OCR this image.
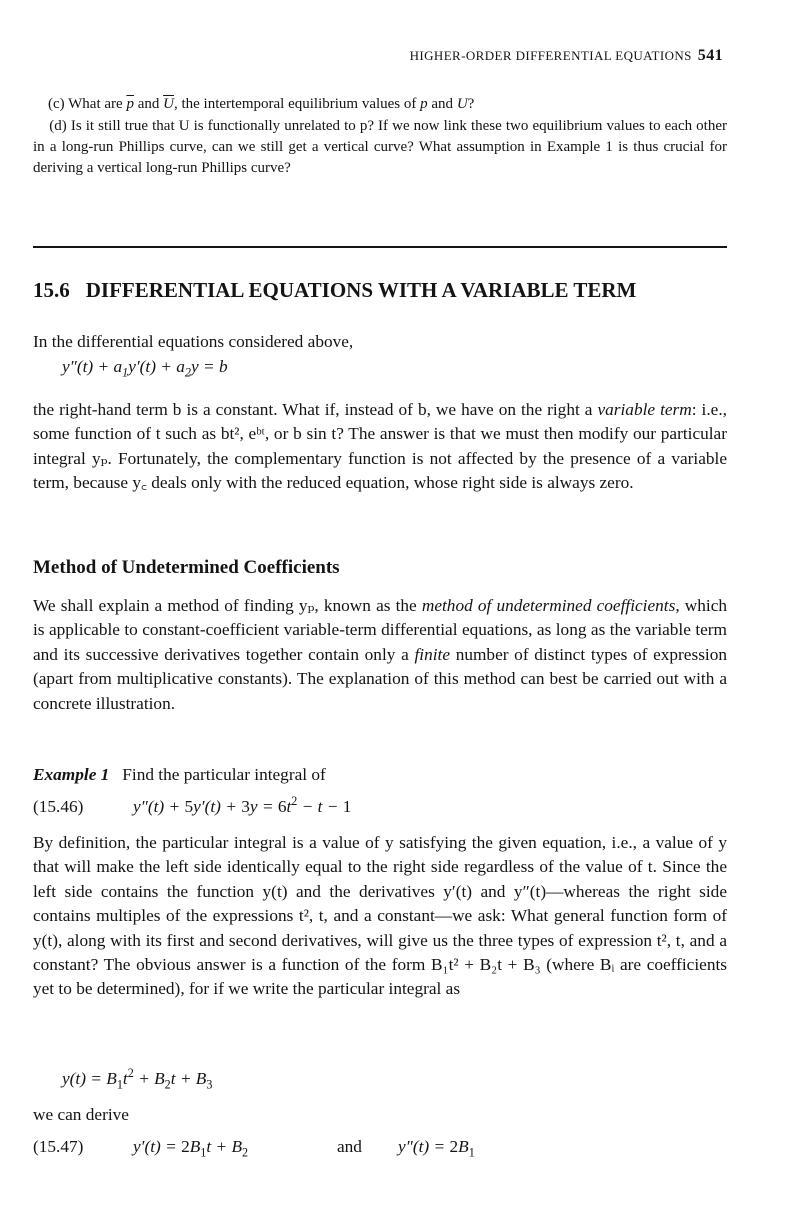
HIGHER-ORDER DIFFERENTIAL EQUATIONS 541
(c) What are $\overline{p}$ and $\overline{U}$, the intertemporal equilibrium values of p and U?
(d) Is it still true that U is functionally unrelated to p? If we now link these two equilibrium values to each other in a long-run Phillips curve, can we still get a vertical curve? What assumption in Example 1 is thus crucial for deriving a vertical long-run Phillips curve?
15.6 DIFFERENTIAL EQUATIONS WITH A VARIABLE TERM
In the differential equations considered above,
$y''(t) + a_1y'(t) + a_2y = b$
the right-hand term b is a constant. What if, instead of b, we have on the right a variable term: i.e., some function of t such as bt², eᵇᵗ, or b sin t? The answer is that we must then modify our particular integral yₚ. Fortunately, the complementary function is not affected by the presence of a variable term, because y꜀ deals only with the reduced equation, whose right side is always zero.
Method of Undetermined Coefficients
We shall explain a method of finding yₚ, known as the method of undetermined coefficients, which is applicable to constant-coefficient variable-term differential equations, as long as the variable term and its successive derivatives together contain only a finite number of distinct types of expression (apart from multiplicative constants). The explanation of this method can best be carried out with a concrete illustration.
Example 1 Find the particular integral of
(15.46)	$y''(t) + 5y'(t) + 3y = 6t^2 - t - 1$
By definition, the particular integral is a value of y satisfying the given equation, i.e., a value of y that will make the left side identically equal to the right side regardless of the value of t. Since the left side contains the function y(t) and the derivatives y′(t) and y″(t)—whereas the right side contains multiples of the expressions t², t, and a constant—we ask: What general function form of y(t), along with its first and second derivatives, will give us the three types of expression t², t, and a constant? The obvious answer is a function of the form B₁t² + B₂t + B₃ (where Bᵢ are coefficients yet to be determined), for if we write the particular integral as
$y(t) = B_1t^2 + B_2t + B_3$
we can derive
(15.47)	$y'(t) = 2B_1t + B_2$	and $y''(t) = 2B_1$
